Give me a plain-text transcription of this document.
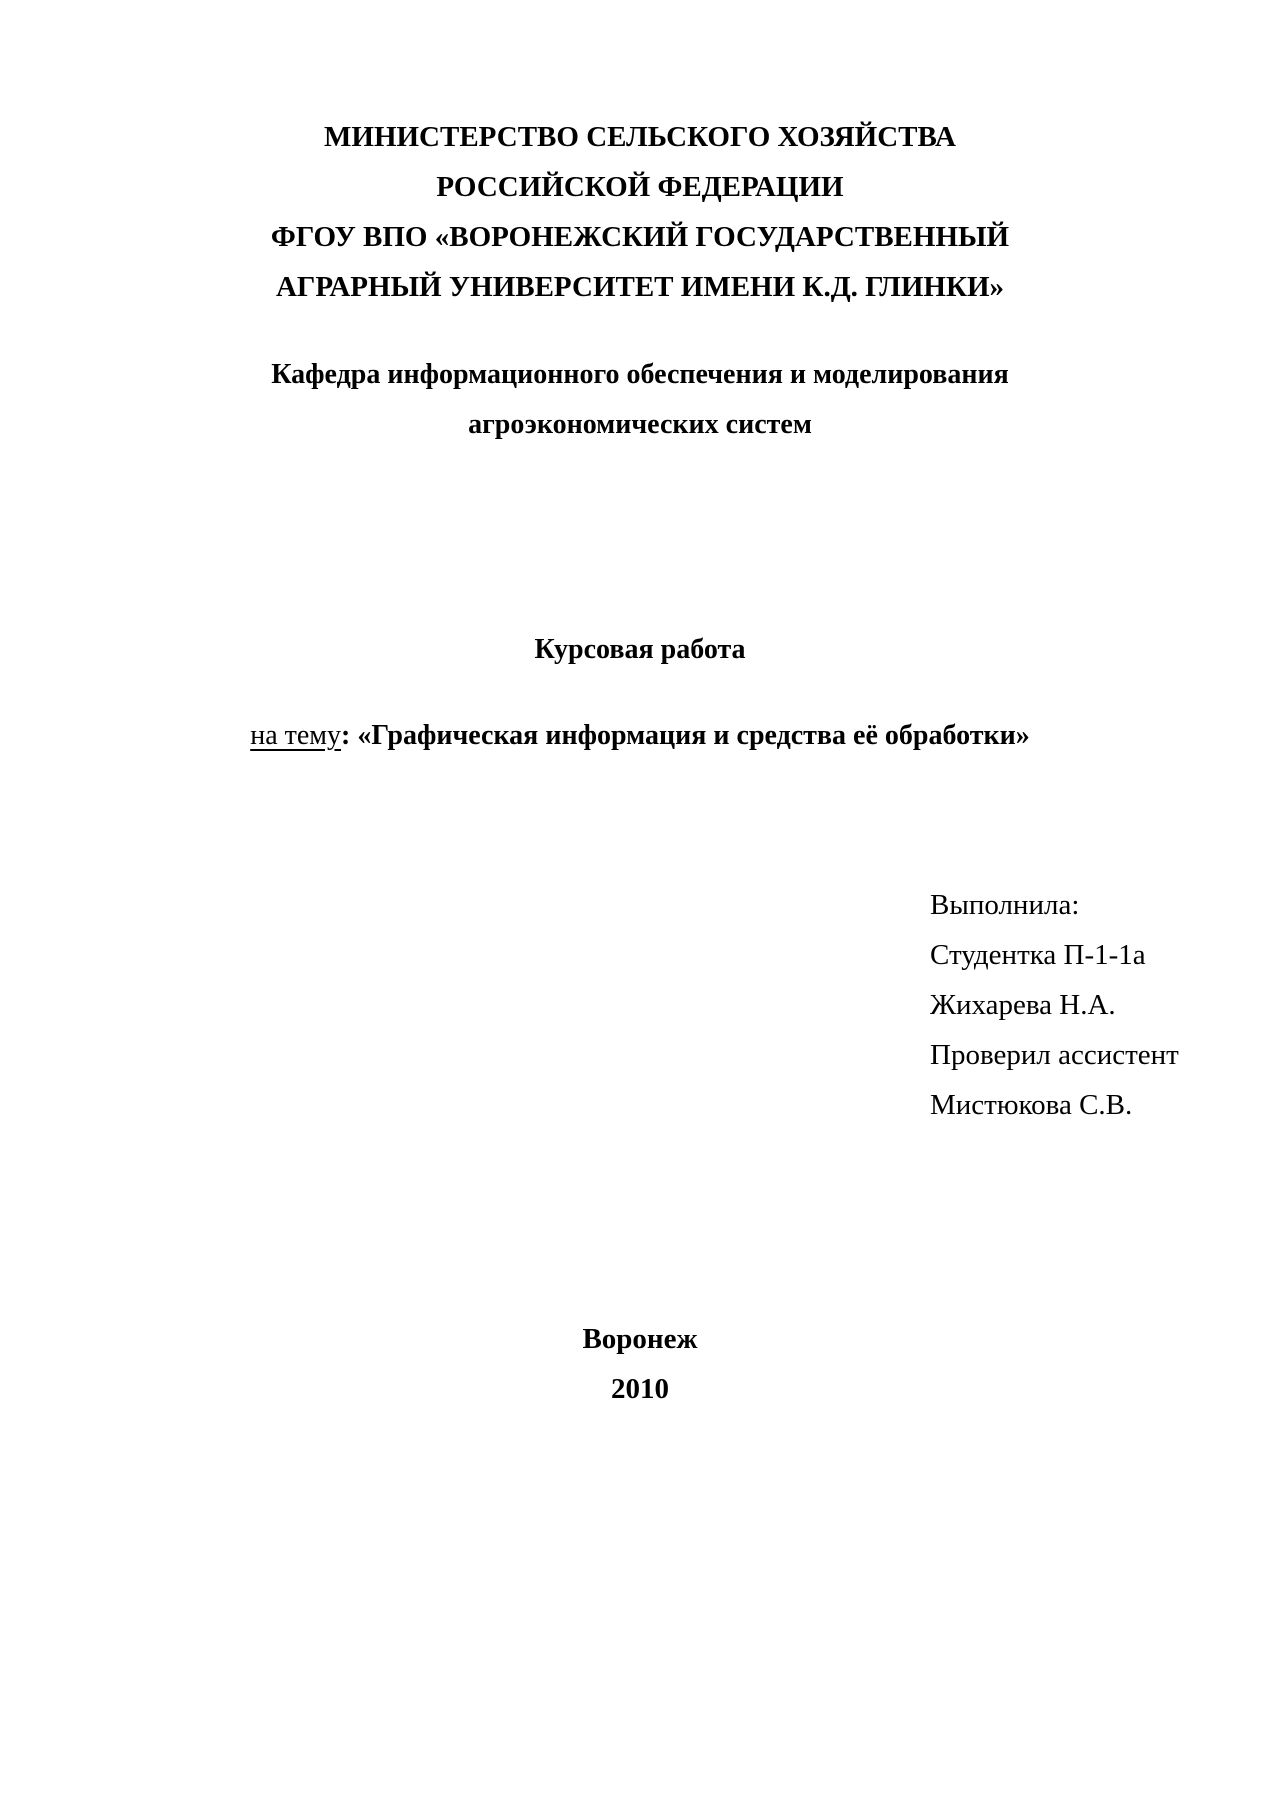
МИНИСТЕРСТВО СЕЛЬСКОГО ХОЗЯЙСТВА
РОССИЙСКОЙ ФЕДЕРАЦИИ
ФГОУ ВПО «ВОРОНЕЖСКИЙ ГОСУДАРСТВЕННЫЙ
АГРАРНЫЙ УНИВЕРСИТЕТ ИМЕНИ К.Д. ГЛИНКИ»
Кафедра информационного обеспечения и моделирования
агроэкономических систем
Курсовая работа
на тему: «Графическая информация и средства её обработки»
Выполнила:
Студентка П-1-1а
Жихарева Н.А.
Проверил ассистент
Мистюкова С.В.
Воронеж
2010
